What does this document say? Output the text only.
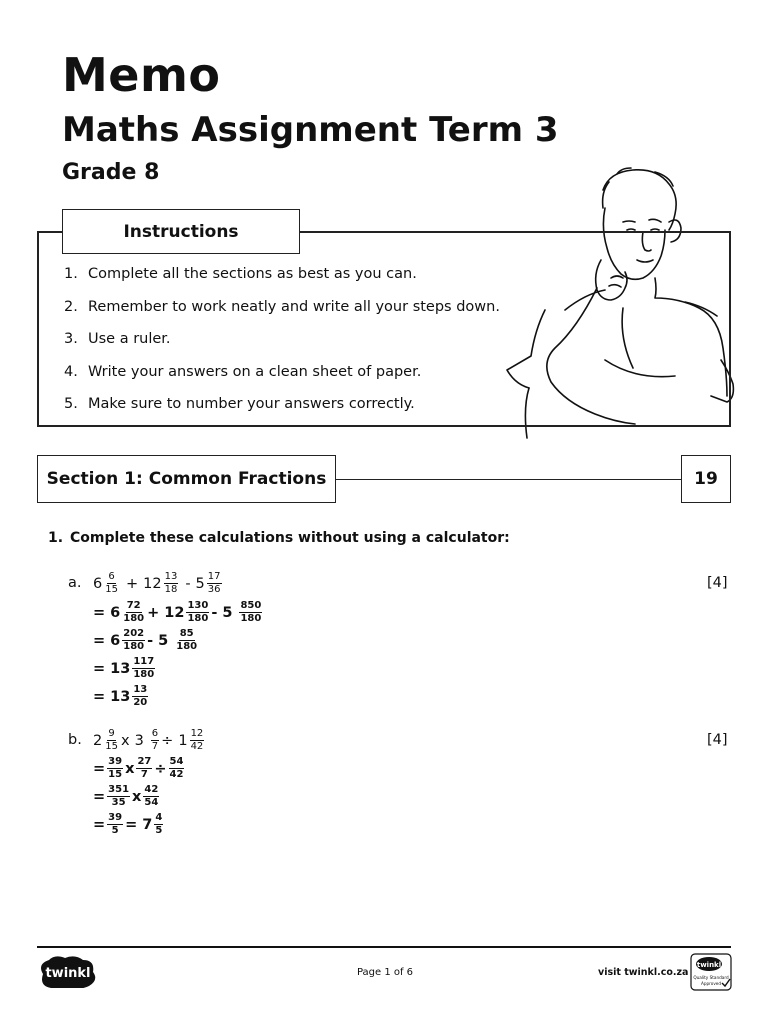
Memo
Maths Assignment Term 3
Grade 8
Instructions
1. Complete all the sections as best as you can.
2. Remember to work neatly and write all your steps down.
3. Use a ruler.
4. Write your answers on a clean sheet of paper.
5. Make sure to number your answers correctly.
Section 1: Common Fractions	19
1. Complete these calculations without using a calculator:
a.	[4]
$6 \frac{6}{15} + 12 \frac{13}{18} - 5 \frac{17}{36}$
= $6 \frac{72}{180} + 12 \frac{130}{180} - 5 \frac{850}{180}$
= $6 \frac{202}{180} - 5 \frac{85}{180}$
= $13 \frac{117}{180}$
= $13 \frac{13}{20}$
b.	[4]
$2 \frac{9}{15}$ x $3 \frac{6}{7} \div 1 \frac{12}{42}$
= $\frac{39}{15}$ x $\frac{27}{7} \div \frac{54}{42}$
= $\frac{351}{35}$ x $\frac{42}{54}$
= $\frac{39}{5} = 7 \frac{4}{5}$
twinkl	Page 1 of 6	visit twinkl.co.za
twinkl
Quality Standard
Approved
